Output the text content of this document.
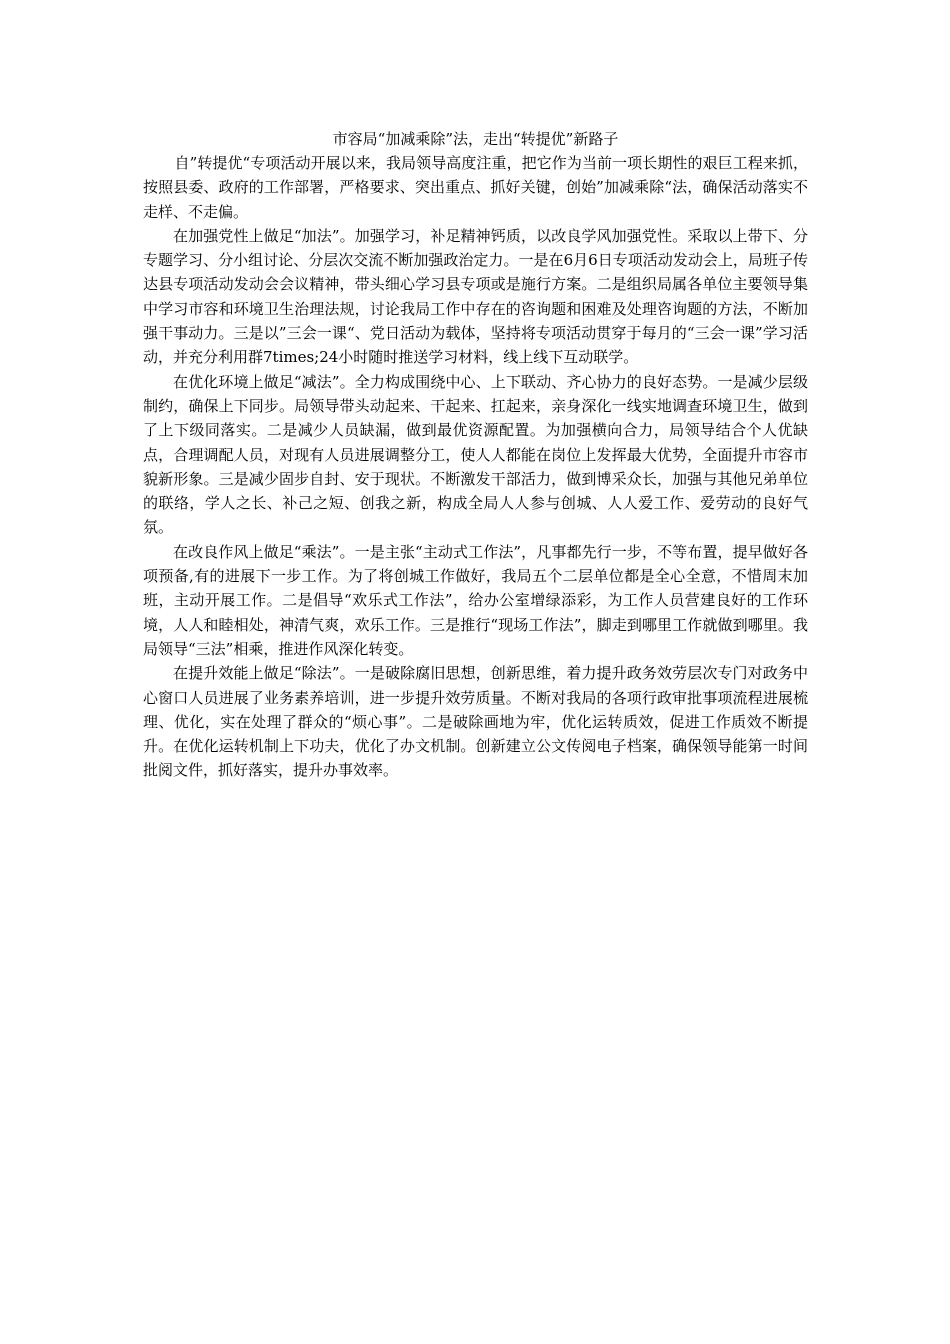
市容局“加减乘除”法，走出“转提优”新路子

自”转提优“专项活动开展以来，我局领导高度注重，把它作为当前一项长期性的艰巨工程来抓，按照县委、政府的工作部署，严格要求、突出重点、抓好关键，创始”加减乘除“法，确保活动落实不走样、不走偏。

在加强党性上做足“加法”。加强学习，补足精神钙质，以改良学风加强党性。采取以上带下、分专题学习、分小组讨论、分层次交流不断加强政治定力。一是在6月6日专项活动发动会上，局班子传达县专项活动发动会会议精神，带头细心学习县专项或是施行方案。二是组织局属各单位主要领导集中学习市容和环境卫生治理法规，讨论我局工作中存在的咨询题和困难及处理咨询题的方法，不断加强干事动力。三是以”三会一课“、党日活动为载体，坚持将专项活动贯穿于每月的“三会一课”学习活动，并充分利用群7times;24小时随时推送学习材料，线上线下互动联学。

在优化环境上做足“减法”。全力构成围绕中心、上下联动、齐心协力的良好态势。一是减少层级制约，确保上下同步。局领导带头动起来、干起来、扛起来，亲身深化一线实地调查环境卫生，做到了上下级同落实。二是减少人员缺漏，做到最优资源配置。为加强横向合力，局领导结合个人优缺点，合理调配人员，对现有人员进展调整分工，使人人都能在岗位上发挥最大优势，全面提升市容市貌新形象。三是减少固步自封、安于现状。不断激发干部活力，做到博采众长，加强与其他兄弟单位的联络，学人之长、补己之短、创我之新，构成全局人人参与创城、人人爱工作、爱劳动的良好气氛。

在改良作风上做足“乘法”。一是主张“主动式工作法”，凡事都先行一步，不等布置，提早做好各项预备,有的进展下一步工作。为了将创城工作做好，我局五个二层单位都是全心全意，不惜周末加班，主动开展工作。二是倡导“欢乐式工作法”，给办公室增绿添彩，为工作人员营建良好的工作环境，人人和睦相处，神清气爽，欢乐工作。三是推行“现场工作法”，脚走到哪里工作就做到哪里。我局领导“三法”相乘，推进作风深化转变。

在提升效能上做足“除法”。一是破除腐旧思想，创新思维，着力提升政务效劳层次专门对政务中心窗口人员进展了业务素养培训，进一步提升效劳质量。不断对我局的各项行政审批事项流程进展梳理、优化，实在处理了群众的“烦心事”。二是破除画地为牢，优化运转质效，促进工作质效不断提升。在优化运转机制上下功夫，优化了办文机制。创新建立公文传阅电子档案，确保领导能第一时间批阅文件，抓好落实，提升办事效率。
